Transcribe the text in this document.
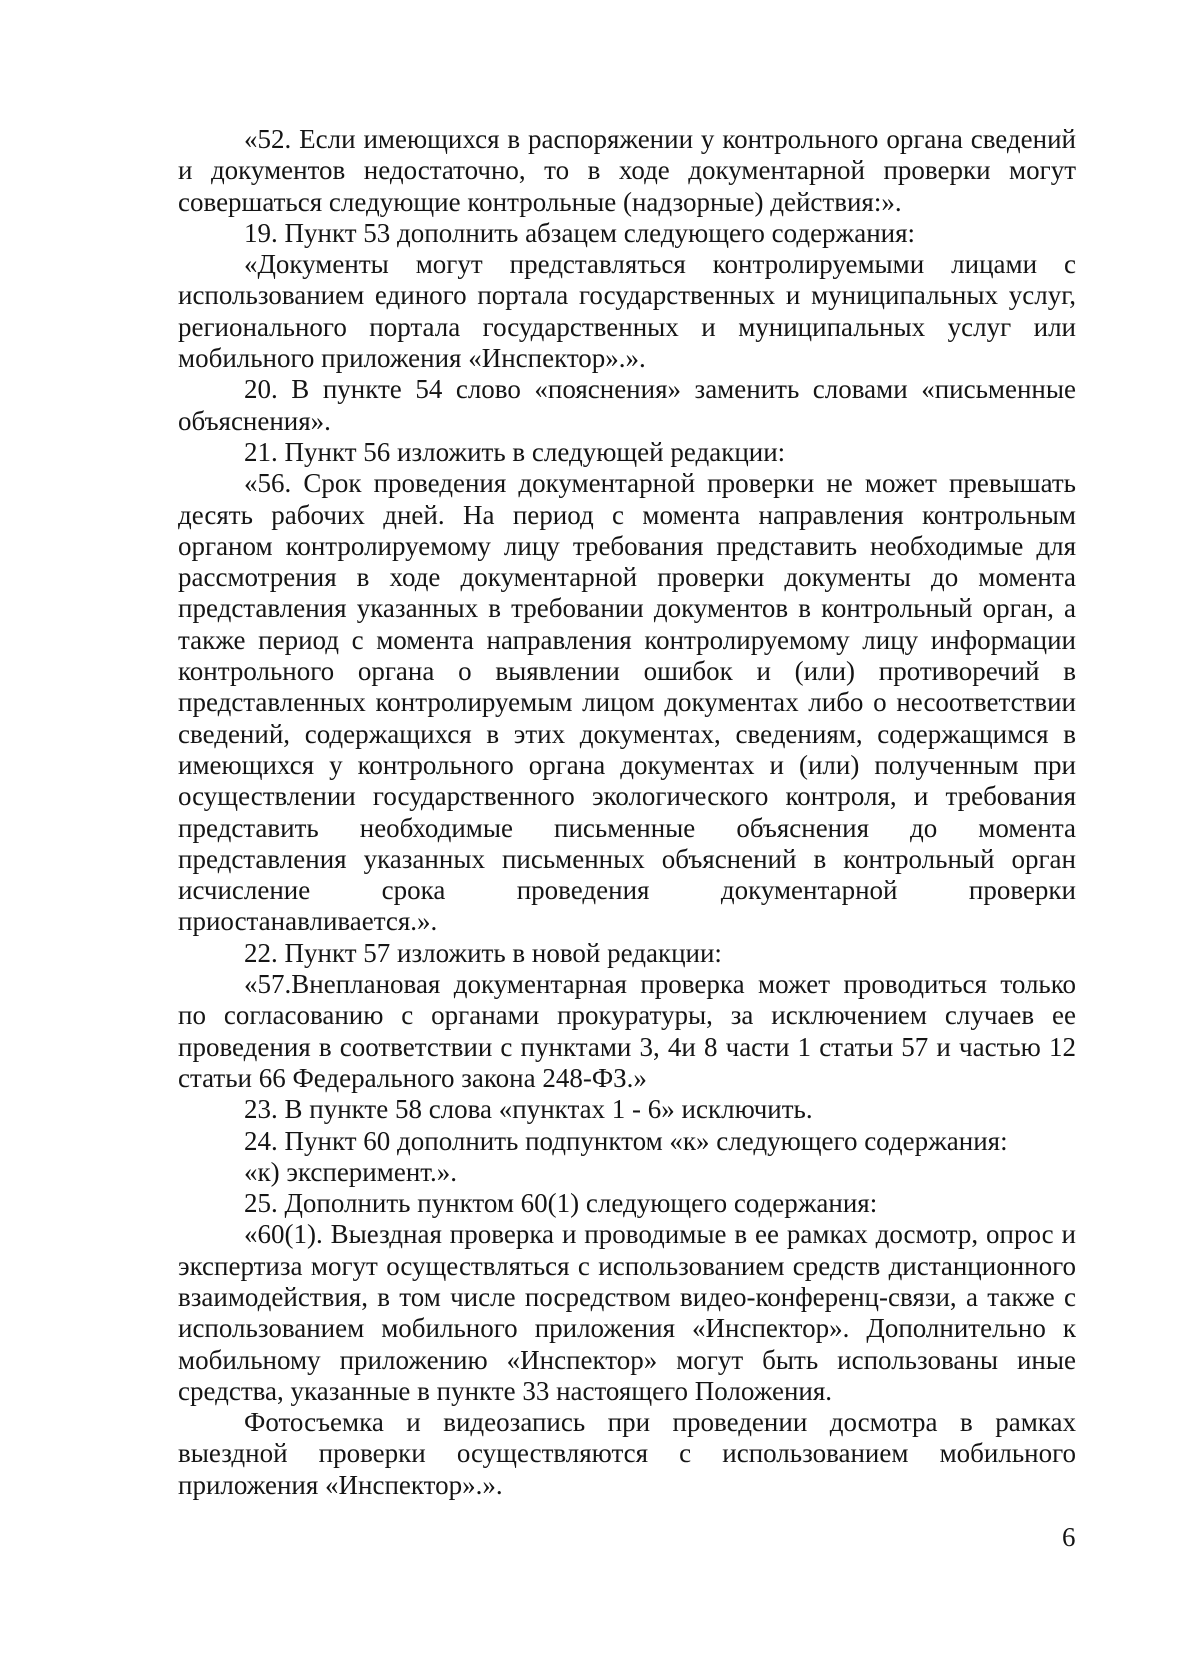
«52. Если имеющихся в распоряжении у контрольного органа сведений и документов недостаточно, то в ходе документарной проверки могут совершаться следующие контрольные (надзорные) действия:».

19. Пункт 53 дополнить абзацем следующего содержания:

«Документы могут представляться контролируемыми лицами с использованием единого портала государственных и муниципальных услуг, регионального портала государственных и муниципальных услуг или мобильного приложения «Инспектор».».

20. В пункте 54 слово «пояснения» заменить словами «письменные объяснения».

21. Пункт 56 изложить в следующей редакции:

«56. Срок проведения документарной проверки не может превышать десять рабочих дней. На период с момента направления контрольным органом контролируемому лицу требования представить необходимые для рассмотрения в ходе документарной проверки документы до момента представления указанных в требовании документов в контрольный орган, а также период с момента направления контролируемому лицу информации контрольного органа о выявлении ошибок и (или) противоречий в представленных контролируемым лицом документах либо о несоответствии сведений, содержащихся в этих документах, сведениям, содержащимся в имеющихся у контрольного органа документах и (или) полученным при осуществлении государственного экологического контроля, и требования представить необходимые письменные объяснения до момента представления указанных письменных объяснений в контрольный орган исчисление срока проведения документарной проверки приостанавливается.».

22. Пункт 57 изложить в новой редакции:

«57.Внеплановая документарная проверка может проводиться только по согласованию с органами прокуратуры, за исключением случаев ее проведения в соответствии с пунктами 3, 4и 8 части 1 статьи 57 и частью 12 статьи 66 Федерального закона 248-ФЗ.»

23. В пункте 58 слова «пунктах 1 - 6» исключить.

24. Пункт 60 дополнить подпунктом «к» следующего содержания:

«к) эксперимент.».

25. Дополнить пунктом 60(1) следующего содержания:

«60(1). Выездная проверка и проводимые в ее рамках досмотр, опрос и экспертиза могут осуществляться с использованием средств дистанционного взаимодействия, в том числе посредством видео-конференц-связи, а также с использованием мобильного приложения «Инспектор». Дополнительно к мобильному приложению «Инспектор» могут быть использованы иные средства, указанные в пункте 33 настоящего Положения.

Фотосъемка и видеозапись при проведении досмотра в рамках выездной проверки осуществляются с использованием мобильного приложения «Инспектор».».

6
